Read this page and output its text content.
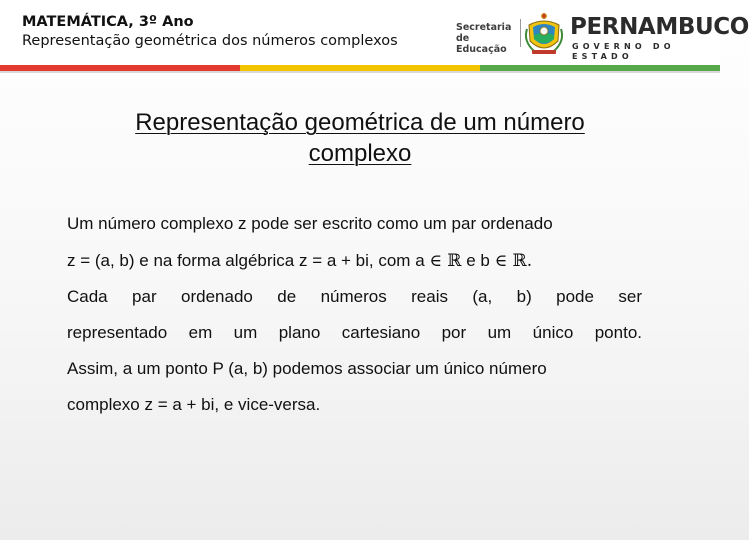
MATEMÁTICA, 3º Ano
Representação geométrica dos números complexos
Secretaria de
Educação
PERNAMBUCO
GOVERNO DO ESTADO
Representação geométrica de um número
complexo
Um número complexo z pode ser escrito como um par ordenado
z = (a, b) e na forma algébrica z = a + bi, com a ∈ ℝ e b ∈ ℝ.
Cada par ordenado de números reais (a, b) pode ser
representado em um plano cartesiano por um único ponto.
Assim, a um ponto P (a, b) podemos associar um único número
complexo z = a + bi, e vice-versa.
